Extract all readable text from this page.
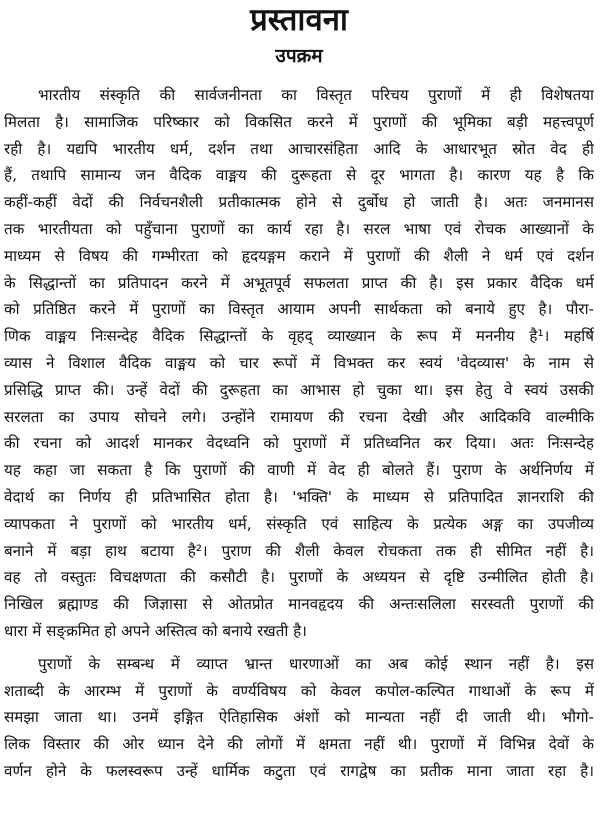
प्रस्तावना
उपक्रम
भारतीय संस्कृति की सार्वजनीनता का विस्तृत परिचय पुराणों में ही विशेषतया
मिलता है। सामाजिक परिष्कार को विकसित करने में पुराणों की भूमिका बड़ी महत्त्वपूर्ण
रही है। यद्यपि भारतीय धर्म, दर्शन तथा आचारसंहिता आदि के आधारभूत स्रोत वेद ही
हैं, तथापि सामान्य जन वैदिक वाङ्मय की दुरूहता से दूर भागता है। कारण यह है कि
कहीं-कहीं वेदों की निर्वचनशैली प्रतीकात्मक होने से दुर्बोध हो जाती है। अतः जनमानस
तक भारतीयता को पहुँचाना पुराणों का कार्य रहा है। सरल भाषा एवं रोचक आख्यानों के
माध्यम से विषय की गम्भीरता को हृदयङ्गम कराने में पुराणों की शैली ने धर्म एवं दर्शन
के सिद्धान्तों का प्रतिपादन करने में अभूतपूर्व सफलता प्राप्त की है। इस प्रकार वैदिक धर्म
को प्रतिष्ठित करने में पुराणों का विस्तृत आयाम अपनी सार्थकता को बनाये हुए है। पौरा-
णिक वाङ्मय निःसन्देह वैदिक सिद्धान्तों के वृहद् व्याख्यान के रूप में मननीय है¹। महर्षि
व्यास ने विशाल वैदिक वाङ्मय को चार रूपों में विभक्त कर स्वयं 'वेदव्यास' के नाम से
प्रसिद्धि प्राप्त की। उन्हें वेदों की दुरूहता का आभास हो चुका था। इस हेतु वे स्वयं उसकी
सरलता का उपाय सोचने लगे। उन्होंने रामायण की रचना देखी और आदिकवि वाल्मीकि
की रचना को आदर्श मानकर वेदध्वनि को पुराणों में प्रतिध्वनित कर दिया। अतः निःसन्देह
यह कहा जा सकता है कि पुराणों की वाणी में वेद ही बोलते हैं। पुराण के अर्थनिर्णय में
वेदार्थ का निर्णय ही प्रतिभासित होता है। 'भक्ति' के माध्यम से प्रतिपादित ज्ञानराशि की
व्यापकता ने पुराणों को भारतीय धर्म, संस्कृति एवं साहित्य के प्रत्येक अङ्ग का उपजीव्य
बनाने में बड़ा हाथ बटाया है²। पुराण की शैली केवल रोचकता तक ही सीमित नहीं है।
वह तो वस्तुतः विचक्षणता की कसौटी है। पुराणों के अध्ययन से दृष्टि उन्मीलित होती है।
निखिल ब्रह्माण्ड की जिज्ञासा से ओतप्रोत मानवहृदय की अन्तःसलिला सरस्वती पुराणों की
धारा में सङ्क्रमित हो अपने अस्तित्व को बनाये रखती है।
पुराणों के सम्बन्ध में व्याप्त भ्रान्त धारणाओं का अब कोई स्थान नहीं है। इस
शताब्दी के आरम्भ में पुराणों के वर्ण्यविषय को केवल कपोल-कल्पित गाथाओं के रूप में
समझा जाता था। उनमें इङ्गित ऐतिहासिक अंशों को मान्यता नहीं दी जाती थी। भौगो-
लिक विस्तार की ओर ध्यान देने की लोगों में क्षमता नहीं थी। पुराणों में विभिन्न देवों के
वर्णन होने के फलस्वरूप उन्हें धार्मिक कटुता एवं रागद्वेष का प्रतीक माना जाता रहा है।
